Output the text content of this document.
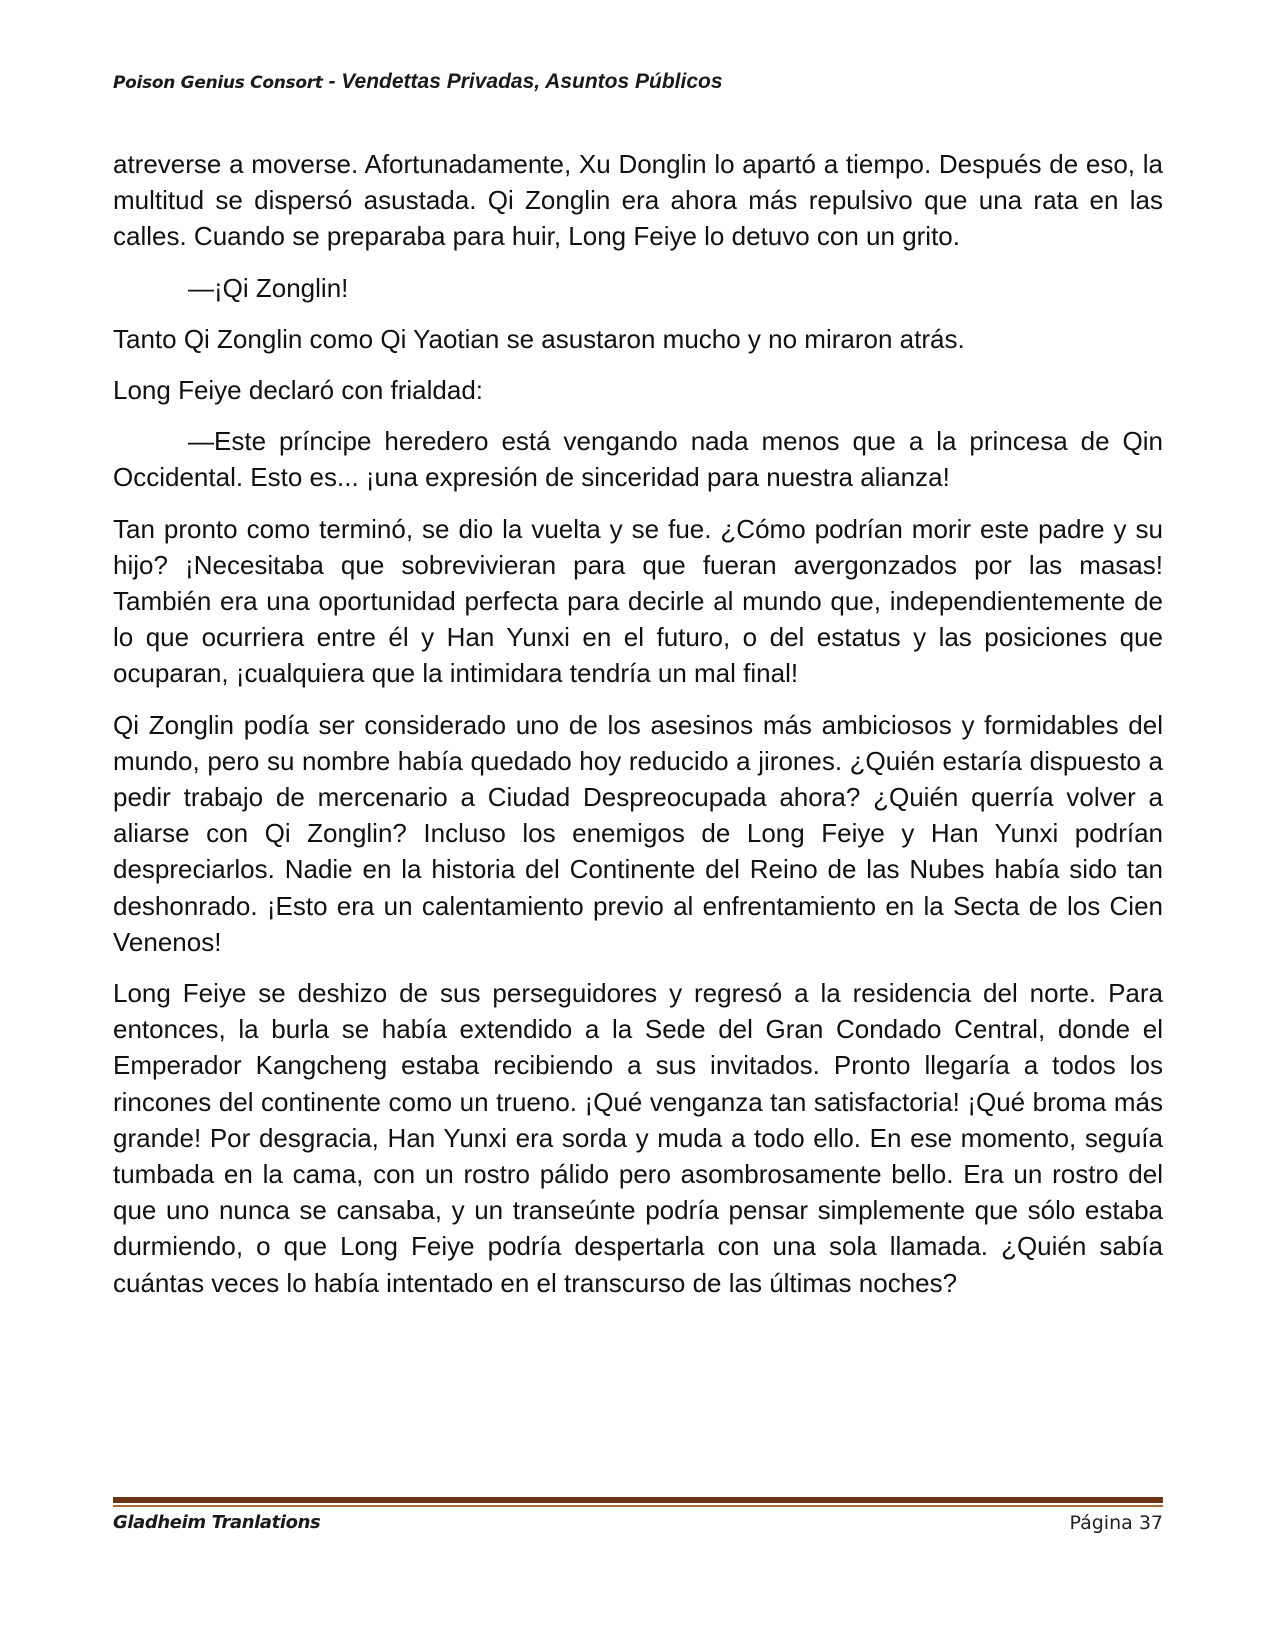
Poison Genius Consort - Vendettas Privadas, Asuntos Públicos

atreverse a moverse. Afortunadamente, Xu Donglin lo apartó a tiempo. Después de eso, la multitud se dispersó asustada. Qi Zonglin era ahora más repulsivo que una rata en las calles. Cuando se preparaba para huir, Long Feiye lo detuvo con un grito.

—¡Qi Zonglin!

Tanto Qi Zonglin como Qi Yaotian se asustaron mucho y no miraron atrás.

Long Feiye declaró con frialdad:

—Este príncipe heredero está vengando nada menos que a la princesa de Qin Occidental. Esto es... ¡una expresión de sinceridad para nuestra alianza!

Tan pronto como terminó, se dio la vuelta y se fue. ¿Cómo podrían morir este padre y su hijo? ¡Necesitaba que sobrevivieran para que fueran avergonzados por las masas! También era una oportunidad perfecta para decirle al mundo que, independientemente de lo que ocurriera entre él y Han Yunxi en el futuro, o del estatus y las posiciones que ocuparan, ¡cualquiera que la intimidara tendría un mal final!

Qi Zonglin podía ser considerado uno de los asesinos más ambiciosos y formidables del mundo, pero su nombre había quedado hoy reducido a jirones. ¿Quién estaría dispuesto a pedir trabajo de mercenario a Ciudad Despreocupada ahora? ¿Quién querría volver a aliarse con Qi Zonglin? Incluso los enemigos de Long Feiye y Han Yunxi podrían despreciarlos. Nadie en la historia del Continente del Reino de las Nubes había sido tan deshonrado. ¡Esto era un calentamiento previo al enfrentamiento en la Secta de los Cien Venenos!

Long Feiye se deshizo de sus perseguidores y regresó a la residencia del norte. Para entonces, la burla se había extendido a la Sede del Gran Condado Central, donde el Emperador Kangcheng estaba recibiendo a sus invitados. Pronto llegaría a todos los rincones del continente como un trueno. ¡Qué venganza tan satisfactoria! ¡Qué broma más grande! Por desgracia, Han Yunxi era sorda y muda a todo ello. En ese momento, seguía tumbada en la cama, con un rostro pálido pero asombrosamente bello. Era un rostro del que uno nunca se cansaba, y un transeúnte podría pensar simplemente que sólo estaba durmiendo, o que Long Feiye podría despertarla con una sola llamada. ¿Quién sabía cuántas veces lo había intentado en el transcurso de las últimas noches?

Gladheim Tranlations	Página 37
